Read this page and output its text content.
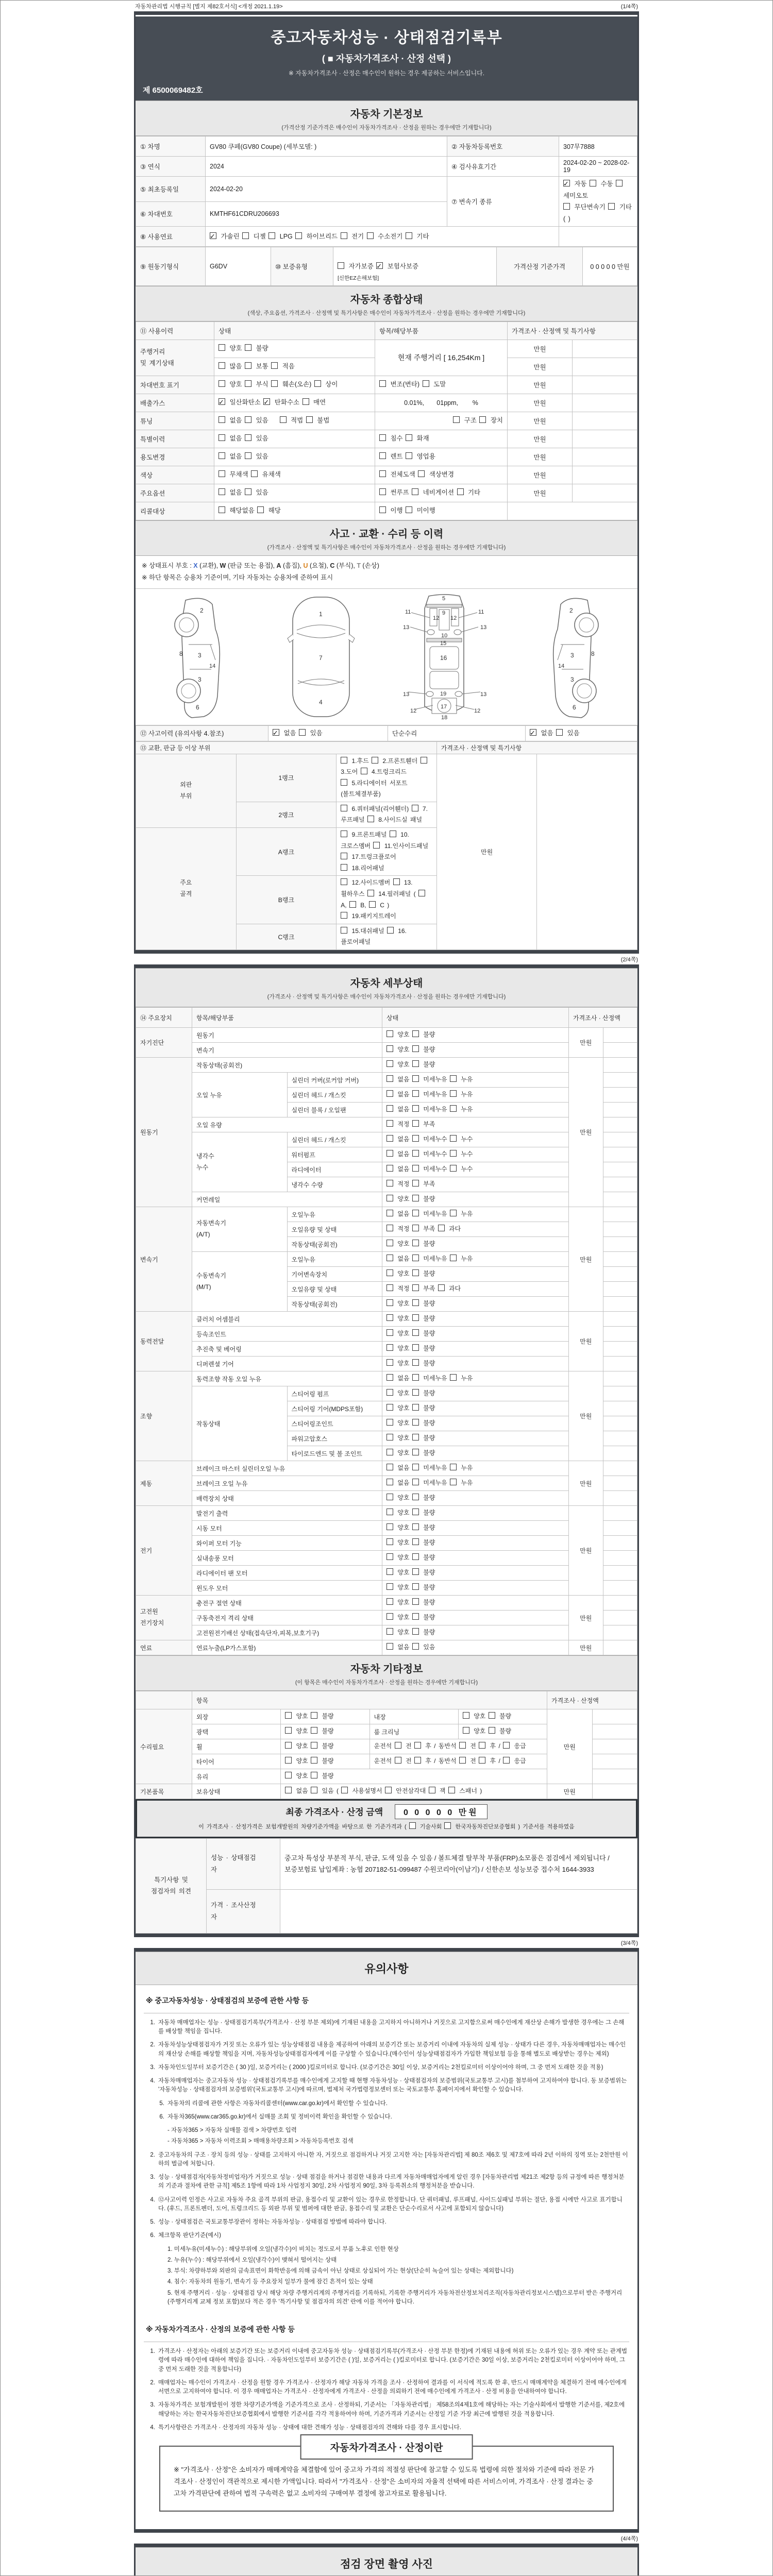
자동차관리법 시행규칙 [별지 제82호서식] <개정 2021.1.19>	(1/4쪽)
중고자동차성능 · 상태점검기록부
( ■ 자동차가격조사 · 산정 선택 )
※ 자동차가격조사 · 산정은 매수인이 원하는 경우 제공하는 서비스입니다.
제 6500069482호
자동차 기본정보
(가격산정 기준가격은 매수인이 자동차가격조사 · 산정을 원하는 경우에만 기재합니다)
① 차명	GV80 쿠페(GV80 Coupe) (세부모델: )	② 자동차등록번호	307무7888
③ 연식	2024	④ 검사유효기간	2024-02-20 ~ 2028-02-19
⑤ 최초등록일	2024-02-20	⑦ 변속기 종류	✓ 자동  수동  세미오토
무단변속기  기타 ( )
⑥ 차대번호	KMTHF61CDRU206693		
⑧ 사용연료	✓ 가솔린  디젤  LPG  하이브리드  전기  수소전기  기타	
⑨ 원동기형식	G6DV	⑩ 보증유형	자가보증 ✓ 보험사보증
[신한EZ손해보험]
	가격산정 기준가격	0 0 0 0 0 만원
자동차 종합상태
(색상, 주요옵션, 가격조사 · 산정액 및 특기사항은 매수인이 자동차가격조사 · 산정을 원하는 경우에만 기재합니다)
⑪ 사용이력	상태	항목/해당부품	가격조사 · 산정액 및 특기사항	
주행거리
및 계기상태	양호  불량	현재 주행거리 [ 16,254Km ]	만원	
	많음  보통  적음		만원	
차대번호 표기	양호  부식  훼손(오손)  상이	변조(변타)  도말	만원	
배출가스	✓ 일산화탄소 ✓ 탄화수소  매연	0.01%,       01ppm,        %	만원	
튜닝	없음  있음     적법  불법	구조  장치	만원	
특별이력	없음  있음	침수  화재	만원	
용도변경	없음  있음	렌트  영업용	만원	
색상	무채색  유채색	전체도색  색상변경	만원	
주요옵션	없음  있음	썬루프  네비게이션  기타	만원	
리콜대상	해당없음  해당	이행  미이행		
사고 · 교환 · 수리 등 이력
(가격조사 · 산정액 및 특기사항은 매수인이 자동차가격조사 · 산정을 원하는 경우에만 기재합니다)
※ 상태표시 부호 : X (교환), W (판금 또는 용접), A (흠집), U (요철), C (부식), T (손상)
※ 하단 항목은 승용차 기준이며, 기타 자동차는 승용차에 준하여 표시
2
8 3
14
3
6
1
7
4
5
9
11	11
13	13
12 12
10
15
16
13	19	13
17
12	12
18
2
3	8
14
3
6
⑫ 사고이력 (유의사항 4.참조)	✓ 없음  있음	단순수리	✓ 없음  있음
⑬ 교환, 판금 등 이상 부위			가격조사 · 산정액 및 특기사항	
외판
부위	1랭크	1.후드  2.프론트휀더  3.도어  4.트렁크리드
5.라디에이터 서포트(볼트체결부품)	만원	
	2랭크	6.쿼터패널(리어휀더)  7.루프패널  8.사이드실 패널		
주요
골격	A랭크	9.프론트패널  10.크로스멤버  11.인사이드패널  17.트렁크플로어
18.리어패널		
	B랭크	12.사이드멤버  13.휠하우스  14.필러패널 (  A,  B,  C )
19.패키지트레이		
	C랭크	15.대쉬패널  16.플로어패널		
(2/4쪽)
자동차 세부상태
(가격조사 · 산정액 및 특기사항은 매수인이 자동차가격조사 · 산정을 원하는 경우에만 기재합니다)
⑭ 주요장치	항목/해당부품		상태	가격조사 · 산정액	
자기진단	원동기		양호  불량	만원	
	변속기		양호  불량		
원동기	작동상태(공회전)		양호  불량	만원	
	오일 누유	실린더 커버(로커암 커버)	없음  미세누유  누유		
		실린더 헤드 / 개스킷	없음  미세누유  누유		
		실린더 블록 / 오일팬	없음  미세누유  누유		
	오일 유량		적정  부족		
	냉각수
누수	실린더 헤드 / 개스킷	없음  미세누수  누수		
		워터펌프	없음  미세누수  누수		
		라디에이터	없음  미세누수  누수		
		냉각수 수량	적정  부족		
	커먼레일		양호  불량		
변속기	자동변속기
(A/T)	오일누유	없음  미세누유  누유	만원	
		오일유량 및 상태	적정  부족  과다		
		작동상태(공회전)	양호  불량		
	수동변속기
(M/T)	오일누유	없음  미세누유  누유		
		기어변속장치	양호  불량		
		오일유량 및 상태	적정  부족  과다		
		작동상태(공회전)	양호  불량		
동력전달	클러치 어셈블리		양호  불량	만원	
	등속조인트		양호  불량		
	추진축 및 베어링		양호  불량		
	디퍼렌셜 기어		양호  불량		
조향	동력조향 작동 오일 누유		없음  미세누유  누유	만원	
	작동상태	스티어링 펌프	양호  불량		
		스티어링 기어(MDPS포함)	양호  불량		
		스티어링조인트	양호  불량		
		파워고압호스	양호  불량		
		타이로드엔드 및 볼 조인트	양호  불량		
제동	브레이크 마스터 실린더오일 누유		없음  미세누유  누유	만원	
	브레이크 오일 누유		없음  미세누유  누유		
	배력장치 상태		양호  불량		
전기	발전기 출력		양호  불량	만원	
	시동 모터		양호  불량		
	와이퍼 모터 기능		양호  불량		
	실내송풍 모터		양호  불량		
	라디에이터 팬 모터		양호  불량		
	윈도우 모터		양호  불량		
고전원
전기장치	충전구 절연 상태		양호  불량	만원	
	구동축전지 격리 상태		양호  불량		
	고전원전기배선 상태(접속단자,피복,보호기구)		양호  불량		
연료	연료누출(LP가스포함)		없음  있음	만원	
자동차 기타정보
(이 항목은 매수인이 자동차가격조사 · 산정을 원하는 경우에만 기재합니다)
	항목				가격조사 · 산정액	
수리필요	외장	양호  불량	내장	양호  불량	만원	
	광택	양호  불량	룸 크리닝	양호  불량		
	휠	양호  불량	운전석  전  후 / 동반석  전  후 /  응급			
	타이어	양호  불량	운전석  전  후 / 동반석  전  후 /  응급			
	유리	양호  불량				
기본품목	보유상태	없음  있음 (  사용설명서  안전삼각대  잭  스패너 )			만원	
최종 가격조사 · 산정 금액 0 0 0 0 0 만원
이 가격조사 · 산정가격은 보험개발원의 차량기준가액을 바탕으로 한 기준가격과 (  기술사회  한국자동차진단보증협회 ) 기준서를 적용하였음
특기사항 및
점검자의 의견	성능 · 상태점검
자	중고차 특성상 부분적 부식, 판금, 도색 있을 수 있음 / 볼트체결 탈부착 부품(FRP)소모품은 점검에서 제외됩니다 / 보증보험료 납입계좌 : 농협 207182-51-099487 수원코리아(이남기) / 신한손보 성능보증 접수처 1644-3933
	가격 · 조사산정
자	
(3/4쪽)
유의사항
※ 중고자동차성능 · 상태점검의 보증에 관한 사항 등
1. 자동차 매매업자는 성능 · 상태점검기록부(가격조사 · 산정 부분 제외)에 기재된 내용을 고지하지 아니하거나 거짓으로 고지함으로써 매수인에게 재산상 손해가 발생한 경우에는 그 손해를 배상할 책임을 집니다.
2. 자동차성능상태점검자가 거짓 또는 오류가 있는 성능상태점검 내용을 제공하여 아래의 보증기간 또는 보증거리 이내에 자동차의 실제 성능 · 상태가 다른 경우, 자동차매매업자는 매수인의 재산상 손해를 배상할 책임을 지며, 자동차성능상태점검자에게 이를 구상할 수 있습니다.(매수인이 성능상태점검자가 가입한 책임보험 등을 통해 별도로 배상받는 경우는 제외)
3. 자동차인도일부터 보증기간은 ( 30 )일, 보증거리는 ( 2000 )킬로미터로 합니다. (보증기간은 30일 이상, 보증거리는 2천킬로미터 이상이어야 하며, 그 중 먼저 도래한 것을 적용)
4. 자동차매매업자는 중고자동차 성능 · 상태점검기록부를 매수인에게 고지할 때 현행 자동차성능 · 상태점검자의 보증범위(국토교통부 고시)를 첨부하여 고지하여야 합니다. 동 보증범위는 '자동차성능 · 상태점검자의 보증범위'(국토교통부 고시)에 따르며, 법제처 국가법령정보센터 또는 국토교통부 홈페이지에서 확인할 수 있습니다.
5. 자동차의 리콜에 관한 사항은 자동차리콜센터(www.car.go.kr)에서 확인할 수 있습니다.
6. 자동차365(www.car365.go.kr)에서 실매물 조회 및 정비이력 확인을 확인할 수 있습니다.
- 자동차365 > 자동차 실매물 검색 > 차량번호 입력
- 자동차365 > 자동차 이력조회 > 매매용차량조회 > 자동차등록번호 검색
2. 중고자동차의 구조 · 장치 등의 성능 · 상태를 고지하지 아니한 자, 거짓으로 점검하거나 거짓 고지한 자는 [자동차관리법] 제 80조 제6호 및 제7호에 따라 2년 이하의 징역 또는 2천만원 이하의 벌금에 처합니다.
3. 성능 · 상태점검자(자동차정비업자)가 거짓으로 성능 · 상태 점검을 하거나 점검한 내용과 다르게 자동차매매업자에게 알린 경우 [자동차관리법 제21조 제2항 등의 규정에 따른 행정처분의 기준과 절차에 관한 규칙] 제5조 1항에 따라 1차 사업정지 30일, 2차 사업정지 90일, 3차 등록취소의 행정처분을 받습니다.
4. ⑫사고이력 인정은 사고로 자동차 주요 골격 부위의 판금, 용접수리 및 교환이 있는 경우로 한정합니다. 단 쿼터패널, 루프패널, 사이드실패널 부위는 절단, 용접 시에만 사고로 표기합니다. (후드, 프론트펜더, 도어, 트렁크리드 등 외판 부위 및 범퍼에 대한 판금, 용접수리 및 교환은 단순수리로서 사고에 포함되지 않습니다)
5. 성능 · 상태점검은 국토교통부장관이 정하는 자동차성능 · 상태점검 방법에 따라야 합니다.
6. 체크항목 판단기준(예시)
1. 미세누유(미세누수) : 해당부위에 오일(냉각수)이 비치는 정도로서 부품 노후로 인한 현상
2. 누유(누수) : 해당부위에서 오일(냉각수)이 맺혀서 떨어지는 상태
3. 부식: 차량하부와 외판의 금속표면이 화학반응에 의해 금속이 아닌 상태로 상실되어 가는 현상(단순히 녹슬어 있는 상태는 제외합니다)
4. 침수: 자동차의 원동기, 변속기 등 주요장치 일부가 물에 잠긴 흔적이 있는 상태
5. 현재 주행거리 · 성능 · 상태점검 당시 해당 차량 주행거리계의 주행거리를 기록하되, 기록한 주행거리가 자동차전산정보처리조직(자동차관리정보시스템)으로부터 받은 주행거리(주행거리계 교체 정보 포함)보다 적은 경우 '특기사항 및 점검자의 의견' 란에 이를 적어야 합니다.
※ 자동차가격조사 · 산정의 보증에 관한 사항 등
1. 가격조사 · 산정자는 아래의 보증기간 또는 보증거리 이내에 중고자동차 성능 · 상태점검기록부(가격조사 · 산정 부분 한정)에 기재된 내용에 허위 또는 오류가 있는 경우 계약 또는 관계법령에 따라 매수인에 대하여 책임을 집니다. · 자동차인도일부터 보증기간은 ( )일, 보증거리는 ( )킬로미터로 합니다. (보증기간은 30일 이상, 보증거리는 2천킬로미터 이상이어야 하며, 그 중 먼저 도래한 것을 적용합니다)
2. 매매업자는 매수인이 가격조사 · 산정을 원할 경우 가격조사 · 산정자가 해당 자동차 가격을 조사 · 산정하여 결과를 이 서식에 적도록 한 후, 반드시 매매계약을 체결하기 전에 매수인에게 서면으로 고지하여야 합니다. 이 경우 매매업자는 가격조사 · 산정자에게 가격조사 · 산정을 의뢰하기 전에 매수인에게 가격조사 · 산정 비용을 안내하여야 합니다.
3. 자동차가격은 보험개발원이 정한 차량기준가액을 기준가격으로 조사 · 산정하되, 기준서는 「자동차관리법」 제58조의4제1호에 해당하는 자는 기술사회에서 발행한 기준서를, 제2호에 해당하는 자는 한국자동차진단보증협회에서 발행한 기준서를 각각 적용하여야 하며, 기준가격과 기준서는 산정일 기준 가장 최근에 발행된 것을 적용합니다.
4. 특기사항란은 가격조사 · 산정자의 자동차 성능 · 상태에 대한 견해가 성능 · 상태점검자의 견해와 다를 경우 표시합니다.
자동차가격조사 · 산정이란
※ "가격조사 · 산정"은 소비자가 매매계약을 체결함에 있어 중고차 가격의 적절성 판단에 참고할 수 있도록 법령에 의한 절차와 기준에 따라 전문 가격조사 · 산정인이 객관적으로 제시한 가액입니다. 따라서 "가격조사 · 산정"은 소비자의 자율적 선택에 따른 서비스이며, 가격조사 · 산정 결과는 중고차 가격판단에 관하여 법적 구속력은 없고 소비자의 구매여부 결정에 참고자료로 활용됩니다.
(4/4쪽)
점검 장면 촬영 사진
